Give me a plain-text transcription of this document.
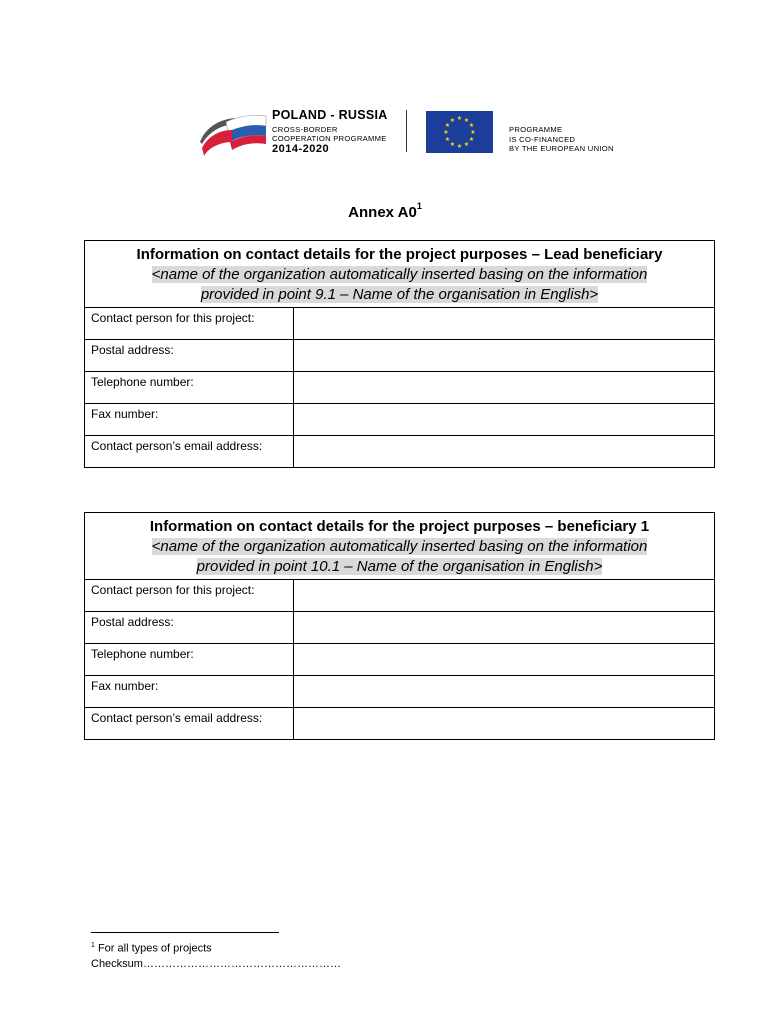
POLAND - RUSSIA
CROSS-BORDER
COOPERATION PROGRAMME
2014-2020
★ ★
★
★
★
★
★
★
★
★
★
★
PROGRAMME
IS CO-FINANCED
BY THE EUROPEAN UNION
Annex $A0^1$
Information on contact details for the project purposes – Lead beneficiary
<name of the organization automatically inserted basing on the information
provided in point 9.1 – Name of the organisation in English>
Contact person for this project:	
Postal address:	
Telephone number:	
Fax number:	
Contact person’s email address:	
Information on contact details for the project purposes – beneficiary 1
<name of the organization automatically inserted basing on the information
provided in point 10.1 – Name of the organisation in English>
Contact person for this project:	
Postal address:	
Telephone number:	
Fax number:	
Contact person’s email address:	
$^1$ For all types of projects
Checksum………………………………………………
